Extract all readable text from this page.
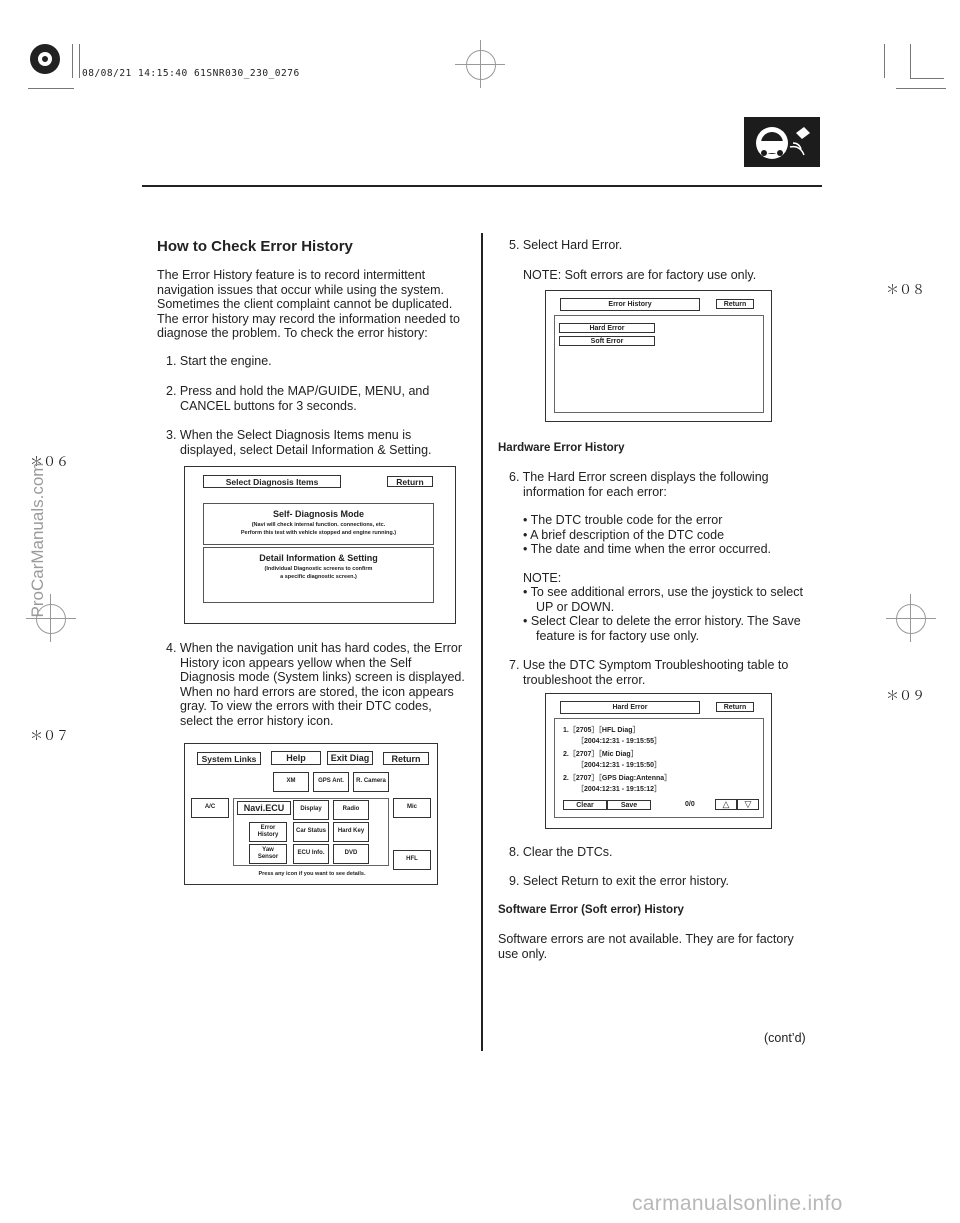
08/08/21 14:15:40 61SNR030_230_0276
＊０６
＊０７
＊０８
＊０９
ProCarManuals.com
How to Check Error History
The Error History feature is to record intermittent
navigation issues that occur while using the system.
Sometimes the client complaint cannot be duplicated.
The error history may record the information needed to
diagnose the problem. To check the error history:
1. Start the engine.
2. Press and hold the MAP/GUIDE, MENU, and
CANCEL buttons for 3 seconds.
3. When the Select Diagnosis Items menu is
displayed, select Detail Information & Setting.
Select Diagnosis Items	Return
Self- Diagnosis Mode
(Navi will check internal function. connections, etc.
Perform this test with vehicle stopped and engine running.)
Detail Information & Setting
(Individual Diagnostic screens to confirm
a specific diagnostic screen.)
4. When the navigation unit has hard codes, the Error
History icon appears yellow when the Self
Diagnosis mode (System links) screen is displayed.
When no hard errors are stored, the icon appears
gray. To view the errors with their DTC codes,
select the error history icon.
System Links	Help	Exit Diag	Return
XM	GPS Ant.	R. Camera
A/C	Navi.ECU	Display	Radio	Mic
Error
History
Car Status	Hard Key
Yaw
Sensor
ECU Info.	DVD
HFL
Press any icon if you want to see details.
5. Select Hard Error.
NOTE: Soft errors are for factory use only.
Error History	Return
Hard Error
Soft Error
Hardware Error History
6. The Hard Error screen displays the following
information for each error:
• The DTC trouble code for the error
• A brief description of the DTC code
• The date and time when the error occurred.
NOTE:
• To see additional errors, use the joystick to select
UP or DOWN.
• Select Clear to delete the error history. The Save
feature is for factory use only.
7. Use the DTC Symptom Troubleshooting table to
troubleshoot the error.
Hard Error	Return
1.［2705］［HFL Diag］
［2004:12:31 - 19:15:55］
2.［2707］［Mic Diag］
［2004:12:31 - 19:15:50］
2.［2707］［GPS Diag:Antenna］
［2004:12:31 - 19:15:12］
Clear	Save	0/0	△	▽
8. Clear the DTCs.
9. Select Return to exit the error history.
Software Error (Soft error) History
Software errors are not available. They are for factory
use only.
(cont’d)
carmanualsonline.info
